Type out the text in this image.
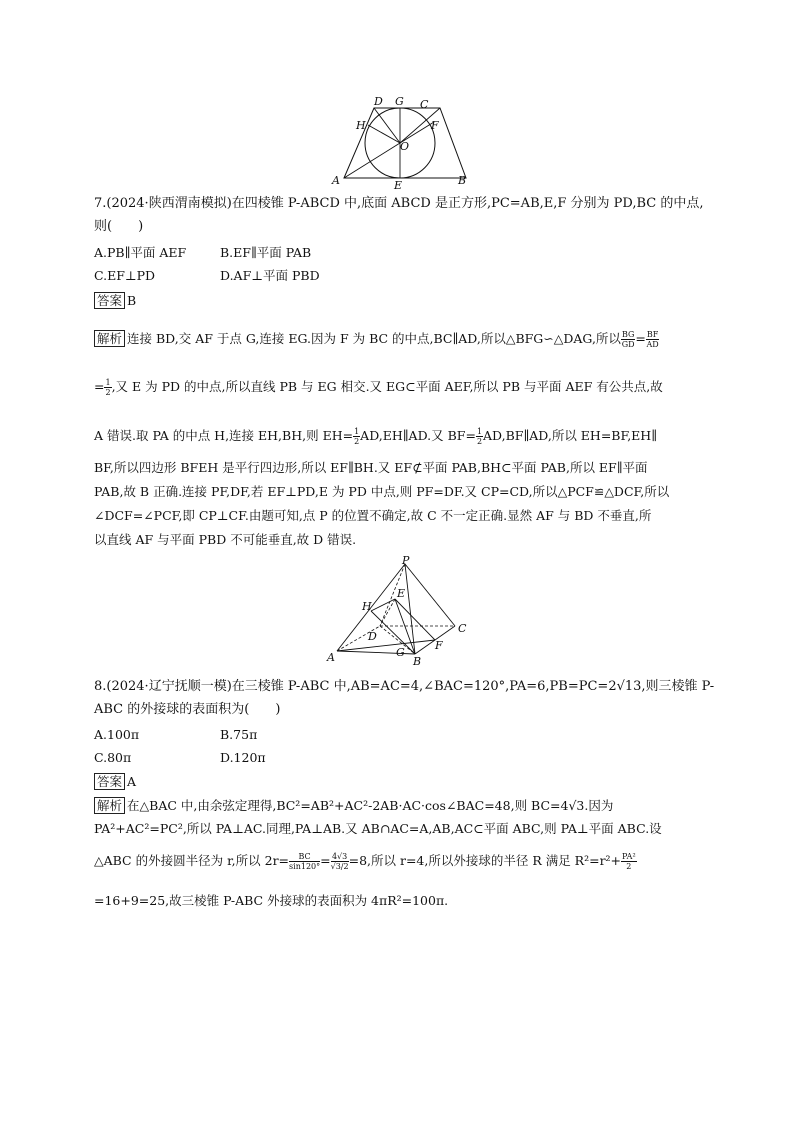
D G C
H	F
O
A	E	B
7.(2024·陕西渭南模拟)在四棱锥 P-ABCD 中,底面 ABCD 是正方形,PC=AB,E,F 分别为 PD,BC 的中点,
则(　　)
A.PB∥平面 AEF	B.EF∥平面 PAB
C.EF⊥PD	D.AF⊥平面 PBD
答案 B
解析 连接 BD,交 AF 于点 G,连接 EG.因为 F 为 BC 的中点,BC∥AD,所以△BFG∽△DAG,所以 $\frac{BG}{GD} = \frac{BF}{AD}$
= $\frac{1}{2}$ ,又 E 为 PD 的中点,所以直线 PB 与 EG 相交.又 EG⊂平面 AEF,所以 PB 与平面 AEF 有公共点,故
A 错误.取 PA 的中点 H,连接 EH,BH,则 $EH= \frac{1}{2}$ AD,EH∥AD.又 $BF= \frac{1}{2}$ AD,BF∥AD,所以 EH=BF,EH∥
BF,所以四边形 BFEH 是平行四边形,所以 EF∥BH.又 EF⊄平面 PAB,BH⊂平面 PAB,所以 EF∥平面
PAB,故 B 正确.连接 PF,DF,若 EF⊥PD,E 为 PD 中点,则 PF=DF.又 CP=CD,所以△PCF≌△DCF,所以
∠DCF=∠PCF,即 CP⊥CF.由题可知,点 P 的位置不确定,故 C 不一定正确.显然 AF 与 BD 不垂直,所
以直线 AF 与平面 PBD 不可能垂直,故 D 错误.
P
H
E
D
C
A	G
B
F
8.(2024·辽宁抚顺一模)在三棱锥 P-ABC 中,AB=AC=4,∠BAC=120°,PA=6,PB=PC=2√13,则三棱锥 P-
ABC 的外接球的表面积为(　　)
A.100π	B.75π
C.80π	D.120π
答案 A
解析 在△BAC 中,由余弦定理得,BC²=AB²+AC²-2AB·AC·cos∠BAC=48,则 BC=4√3.因为
PA²+AC²=PC²,所以 PA⊥AC.同理,PA⊥AB.又 AB∩AC=A,AB,AC⊂平面 ABC,则 PA⊥平面 ABC.设
△ABC 的外接圆半径为 r,所以 $2r= \frac{BC}{\sin 120^\circ} = \frac{4√3}{√3/2} =8$,所以 r=4,所以外接球的半径 R 满足 $R^2=r^2+ \frac{\text{PA²}}{2}$
=16+9=25,故三棱锥 P-ABC 外接球的表面积为 4πR²=100π.
